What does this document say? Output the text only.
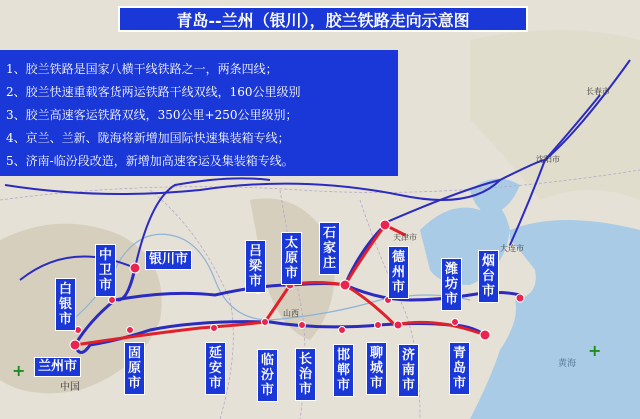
长春市
沈阳市
大连市
天津市
山西
中国
黄海
+
+
青岛--兰州（银川），胶兰铁路走向示意图
1、胶兰铁路是国家八横干线铁路之一，两条四线；
2、胶兰快速重载客货两运铁路干线双线，160公里级别
3、胶兰高速客运铁路双线，350公里+250公里级别；
4、京兰、兰新、陇海将新增加国际快速集装箱专线；
5、济南-临汾段改造，新增加高速客运及集装箱专线。
中卫市
银川市
白银市
兰州市
固原市
延安市
吕梁市
太原市
临汾市
石家庄
长治市
邯郸市
德州市
聊城市
济南市
潍坊市
烟台市
青岛市
